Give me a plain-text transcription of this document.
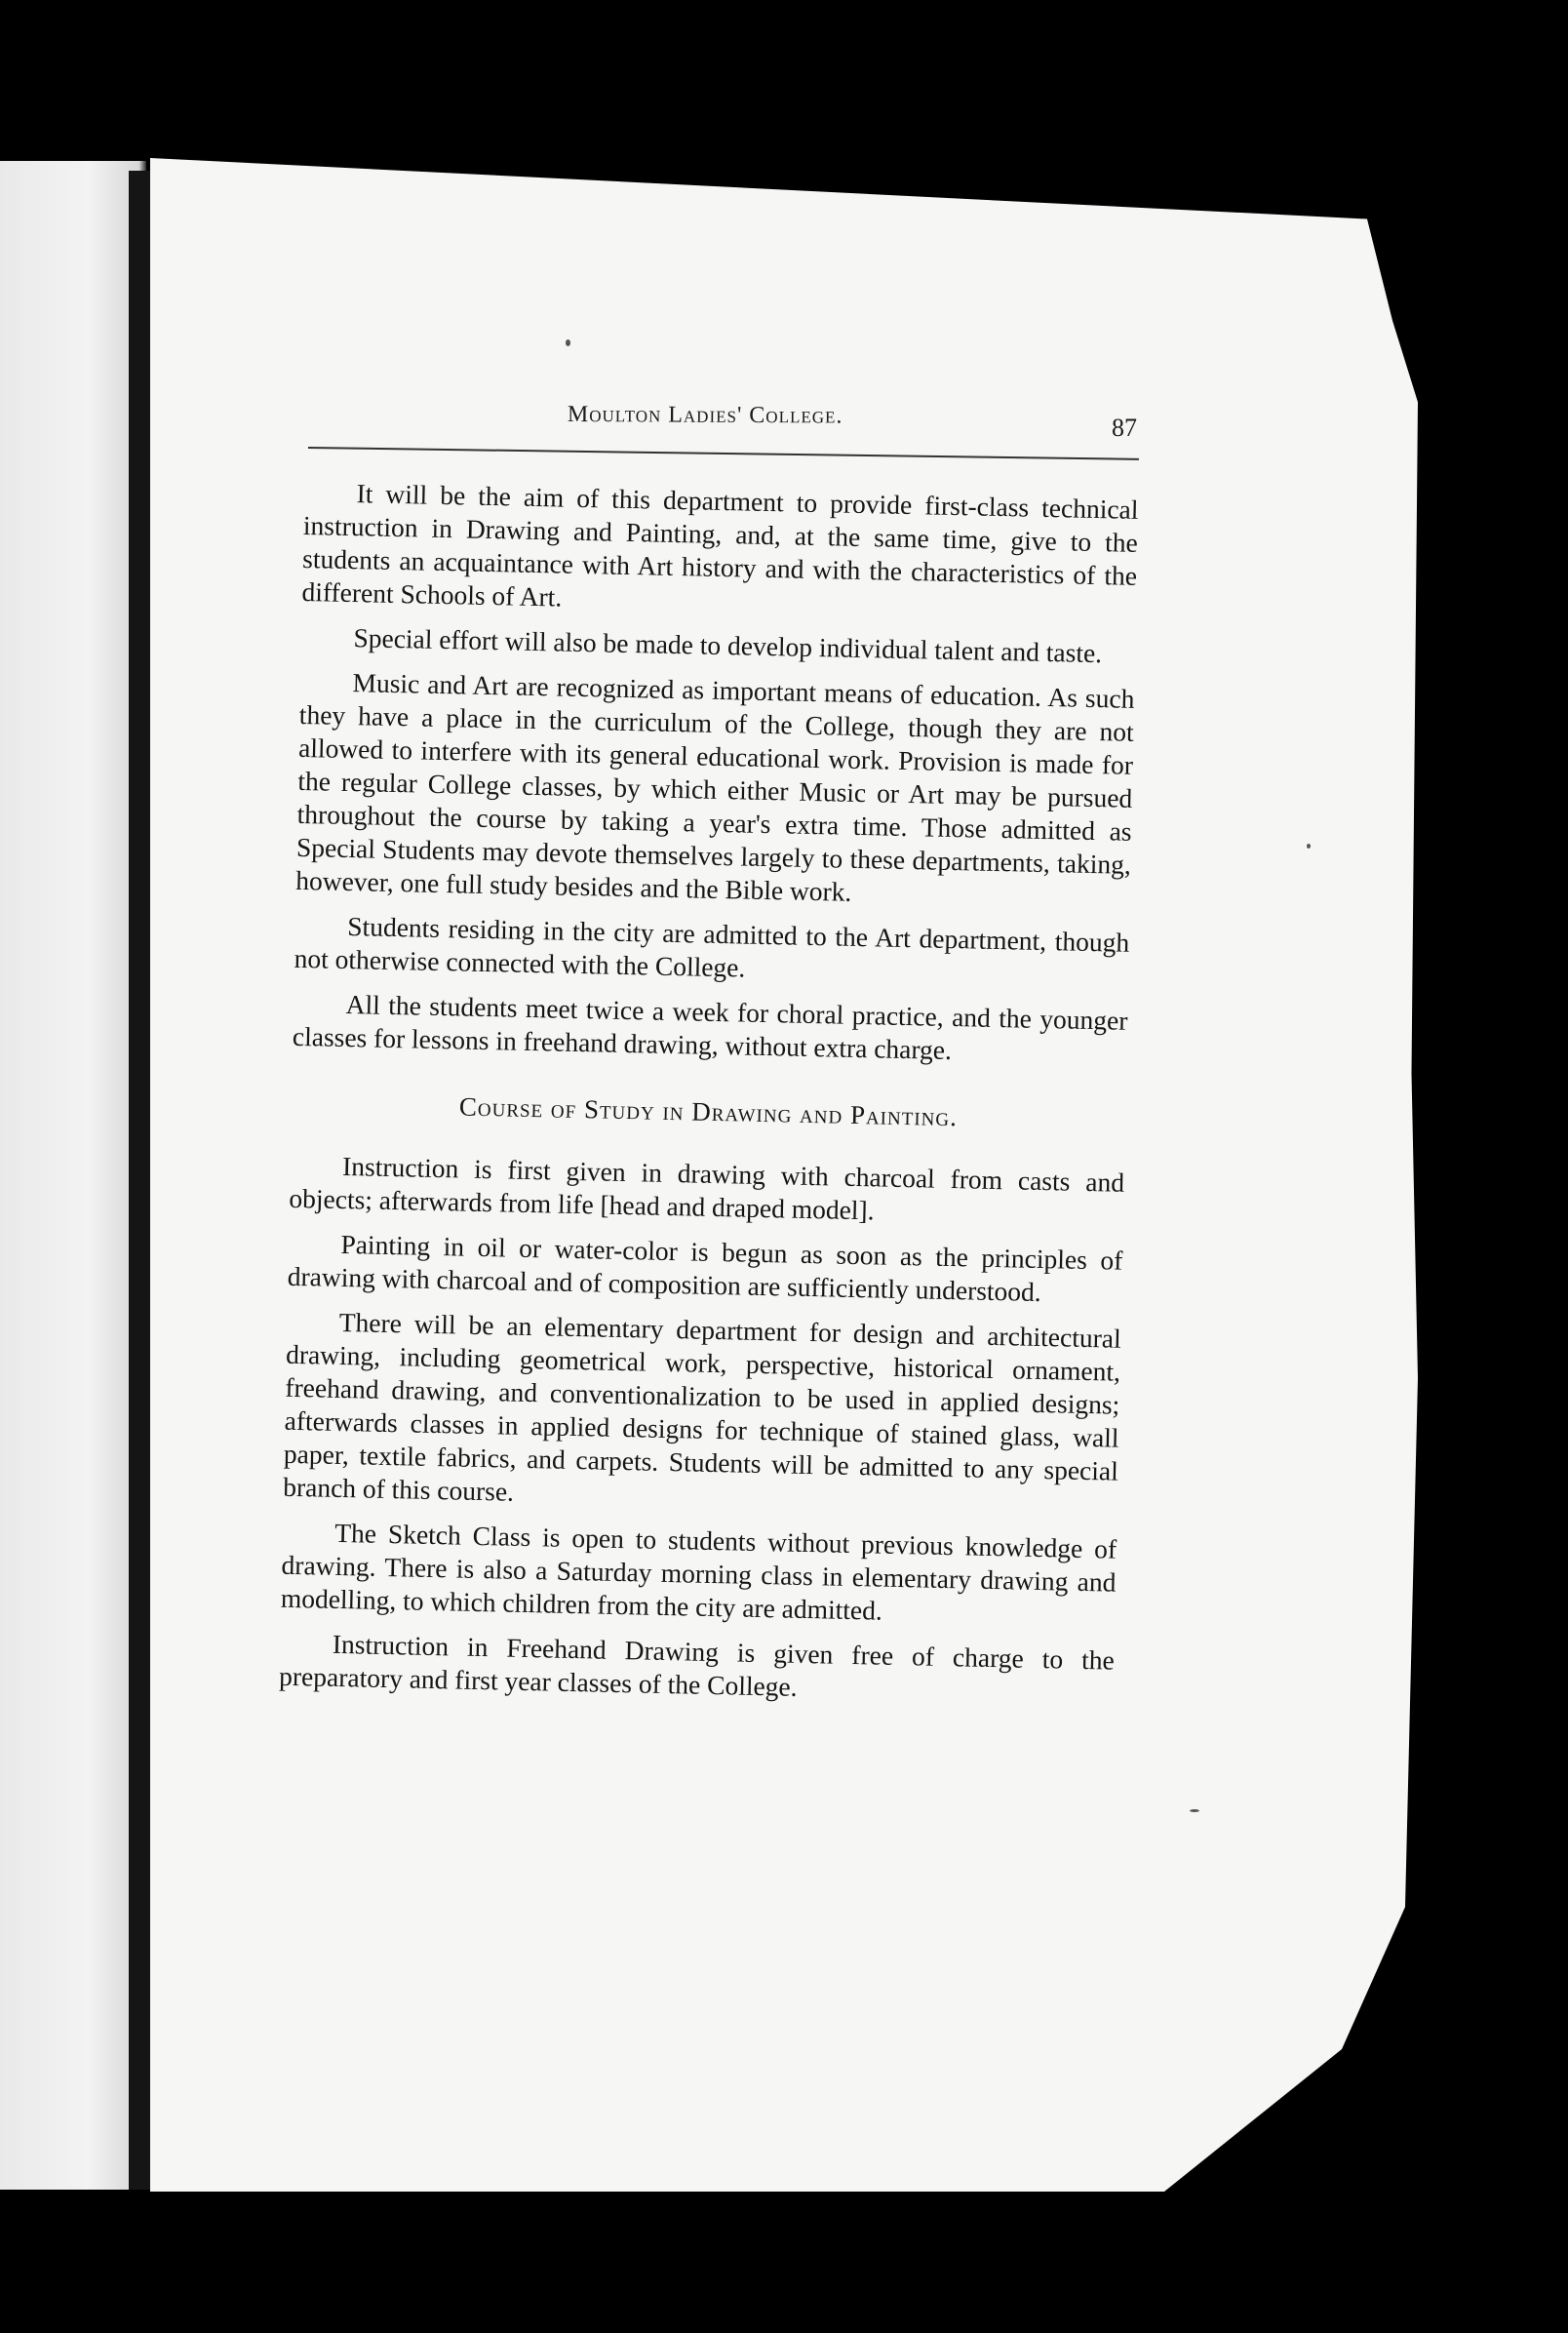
Moulton Ladies' College.	87

It will be the aim of this department to provide first-class technical instruction in Drawing and Painting, and, at the same time, give to the students an acquaintance with Art history and with the characteristics of the different Schools of Art.

Special effort will also be made to develop individual talent and taste.

Music and Art are recognized as important means of education. As such they have a place in the curriculum of the College, though they are not allowed to interfere with its general educational work. Provision is made for the regular College classes, by which either Music or Art may be pursued throughout the course by taking a year's extra time. Those admitted as Special Students may devote themselves largely to these departments, taking, however, one full study besides and the Bible work.

Students residing in the city are admitted to the Art department, though not otherwise connected with the College.

All the students meet twice a week for choral practice, and the younger classes for lessons in freehand drawing, without extra charge.

Course of Study in Drawing and Painting.

Instruction is first given in drawing with charcoal from casts and objects; afterwards from life [head and draped model].

Painting in oil or water-color is begun as soon as the principles of drawing with charcoal and of composition are sufficiently understood.

There will be an elementary department for design and architectural drawing, including geometrical work, perspective, historical ornament, freehand drawing, and conventionalization to be used in applied designs; afterwards classes in applied designs for technique of stained glass, wall paper, textile fabrics, and carpets. Students will be admitted to any special branch of this course.

The Sketch Class is open to students without previous knowledge of drawing. There is also a Saturday morning class in elementary drawing and modelling, to which children from the city are admitted.

Instruction in Freehand Drawing is given free of charge to the preparatory and first year classes of the College.
